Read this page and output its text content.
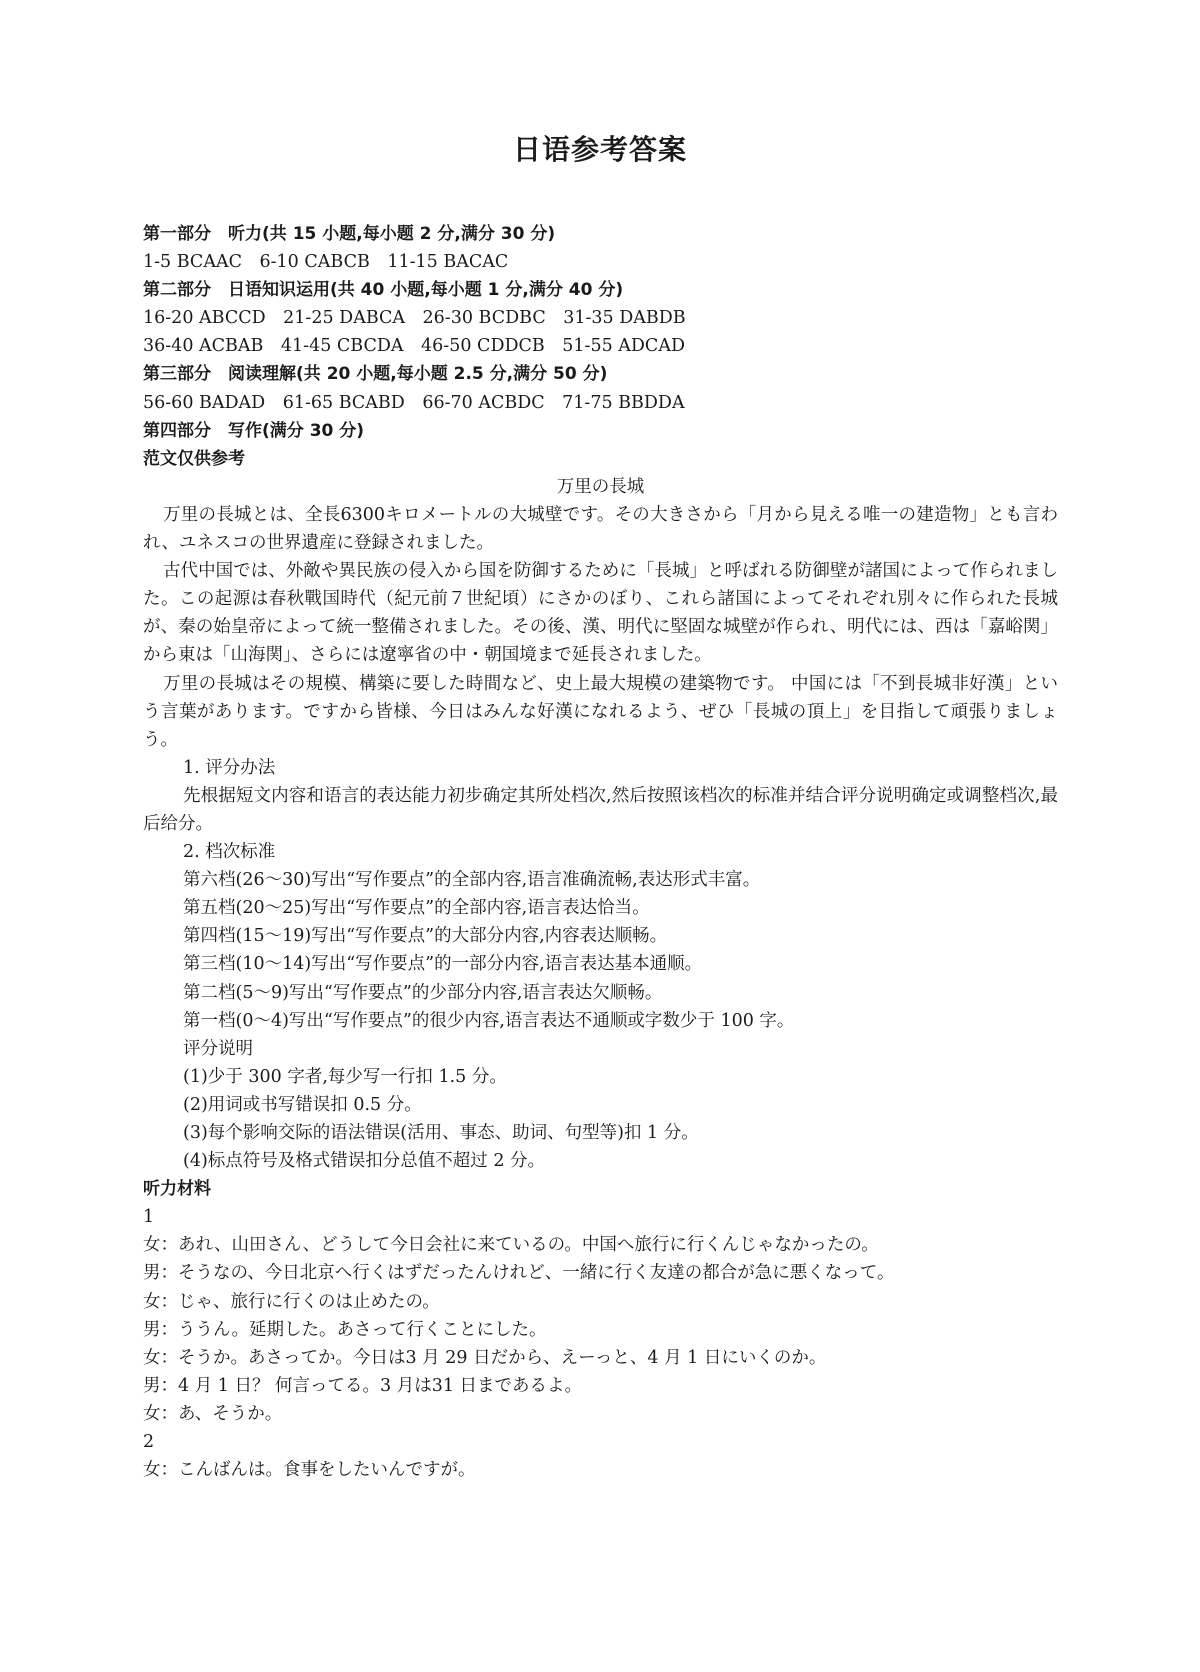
日语参考答案
第一部分　听力(共 15 小题,每小题 2 分,满分 30 分)
1-5 BCAAC　6-10 CABCB　11-15 BACAC
第二部分　日语知识运用(共 40 小题,每小题 1 分,满分 40 分)
16-20 ABCCD　21-25 DABCA　26-30 BCDBC　31-35 DABDB
36-40 ACBAB　41-45 CBCDA　46-50 CDDCB　51-55 ADCAD
第三部分　阅读理解(共 20 小题,每小题 2.5 分,满分 50 分)
56-60 BADAD　61-65 BCABD　66-70 ACBDC　71-75 BBDDA
第四部分　写作(满分 30 分)
范文仅供参考
万里の長城
万里の長城とは、全長6300キロメートルの大城壁です。その大きさから「月から見える唯一の建造物」とも言われ、ユネスコの世界遺産に登録されました。
古代中国では、外敵や異民族の侵入から国を防御するために「長城」と呼ばれる防御壁が諸国によって作られました。この起源は春秋戰国時代（紀元前７世紀頃）にさかのぼり、これら諸国によってそれぞれ別々に作られた長城が、秦の始皇帝によって統一整備されました。その後、漢、明代に堅固な城壁が作られ、明代には、西は「嘉峪関」から東は「山海関」、さらには遼寧省の中・朝国境まで延長されました。
万里の長城はその規模、構築に要した時間など、史上最大規模の建築物です。 中国には「不到長城非好漢」という言葉があります。ですから皆様、今日はみんな好漢になれるよう、ぜひ「長城の頂上」を目指して頑張りましょう。
1. 评分办法
先根据短文内容和语言的表达能力初步确定其所处档次,然后按照该档次的标准并结合评分说明确定或调整档次,最后给分。
2. 档次标准
第六档(26～30)写出“写作要点”的全部内容,语言准确流畅,表达形式丰富。
第五档(20～25)写出“写作要点”的全部内容,语言表达恰当。
第四档(15～19)写出“写作要点”的大部分内容,内容表达顺畅。
第三档(10～14)写出“写作要点”的一部分内容,语言表达基本通顺。
第二档(5～9)写出“写作要点”的少部分内容,语言表达欠顺畅。
第一档(0～4)写出“写作要点”的很少内容,语言表达不通顺或字数少于 100 字。
评分说明
(1)少于 300 字者,每少写一行扣 1.5 分。
(2)用词或书写错误扣 0.5 分。
(3)每个影响交际的语法错误(活用、事态、助词、句型等)扣 1 分。
(4)标点符号及格式错误扣分总值不超过 2 分。
听力材料
1
女：あれ、山田さん、どうして今日会社に来ているの。中国へ旅行に行くんじゃなかったの。
男：そうなの、今日北京へ行くはずだったんけれど、一緒に行く友達の都合が急に悪くなって。
女：じゃ、旅行に行くのは止めたの。
男：ううん。延期した。あさって行くことにした。
女：そうか。あさってか。今日は3 月 29 日だから、えーっと、4 月 1 日にいくのか。
男：4 月 1 日？ 何言ってる。3 月は31 日まであるよ。
女：あ、そうか。
2
女：こんばんは。食事をしたいんですが。
